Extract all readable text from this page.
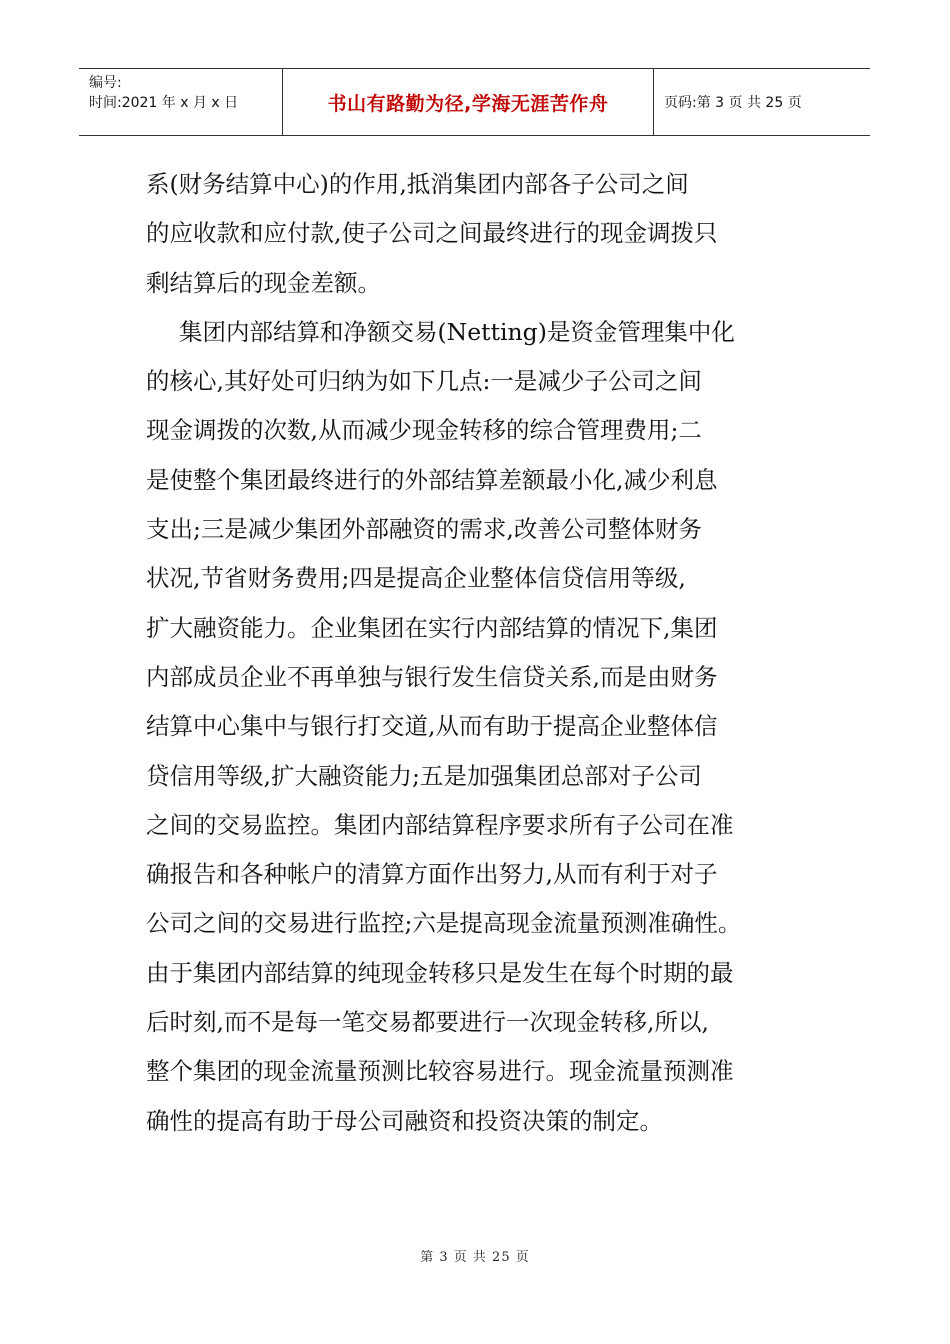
编号:
时间:2021 年 x 月 x 日	书山有路勤为径,学海无涯苦作舟	页码:第 3 页 共 25 页

系(财务结算中心)的作用,抵消集团内部各子公司之间
的应收款和应付款,使子公司之间最终进行的现金调拨只
剩结算后的现金差额。

集团内部结算和净额交易(Netting)是资金管理集中化
的核心,其好处可归纳为如下几点:一是减少子公司之间
现金调拨的次数,从而减少现金转移的综合管理费用;二
是使整个集团最终进行的外部结算差额最小化,减少利息
支出;三是减少集团外部融资的需求,改善公司整体财务
状况,节省财务费用;四是提高企业整体信贷信用等级,
扩大融资能力。企业集团在实行内部结算的情况下,集团
内部成员企业不再单独与银行发生信贷关系,而是由财务
结算中心集中与银行打交道,从而有助于提高企业整体信
贷信用等级,扩大融资能力;五是加强集团总部对子公司
之间的交易监控。集团内部结算程序要求所有子公司在准
确报告和各种帐户的清算方面作出努力,从而有利于对子
公司之间的交易进行监控;六是提高现金流量预测准确性。
由于集团内部结算的纯现金转移只是发生在每个时期的最
后时刻,而不是每一笔交易都要进行一次现金转移,所以,
整个集团的现金流量预测比较容易进行。现金流量预测准
确性的提高有助于母公司融资和投资决策的制定。

第 3 页 共 25 页
